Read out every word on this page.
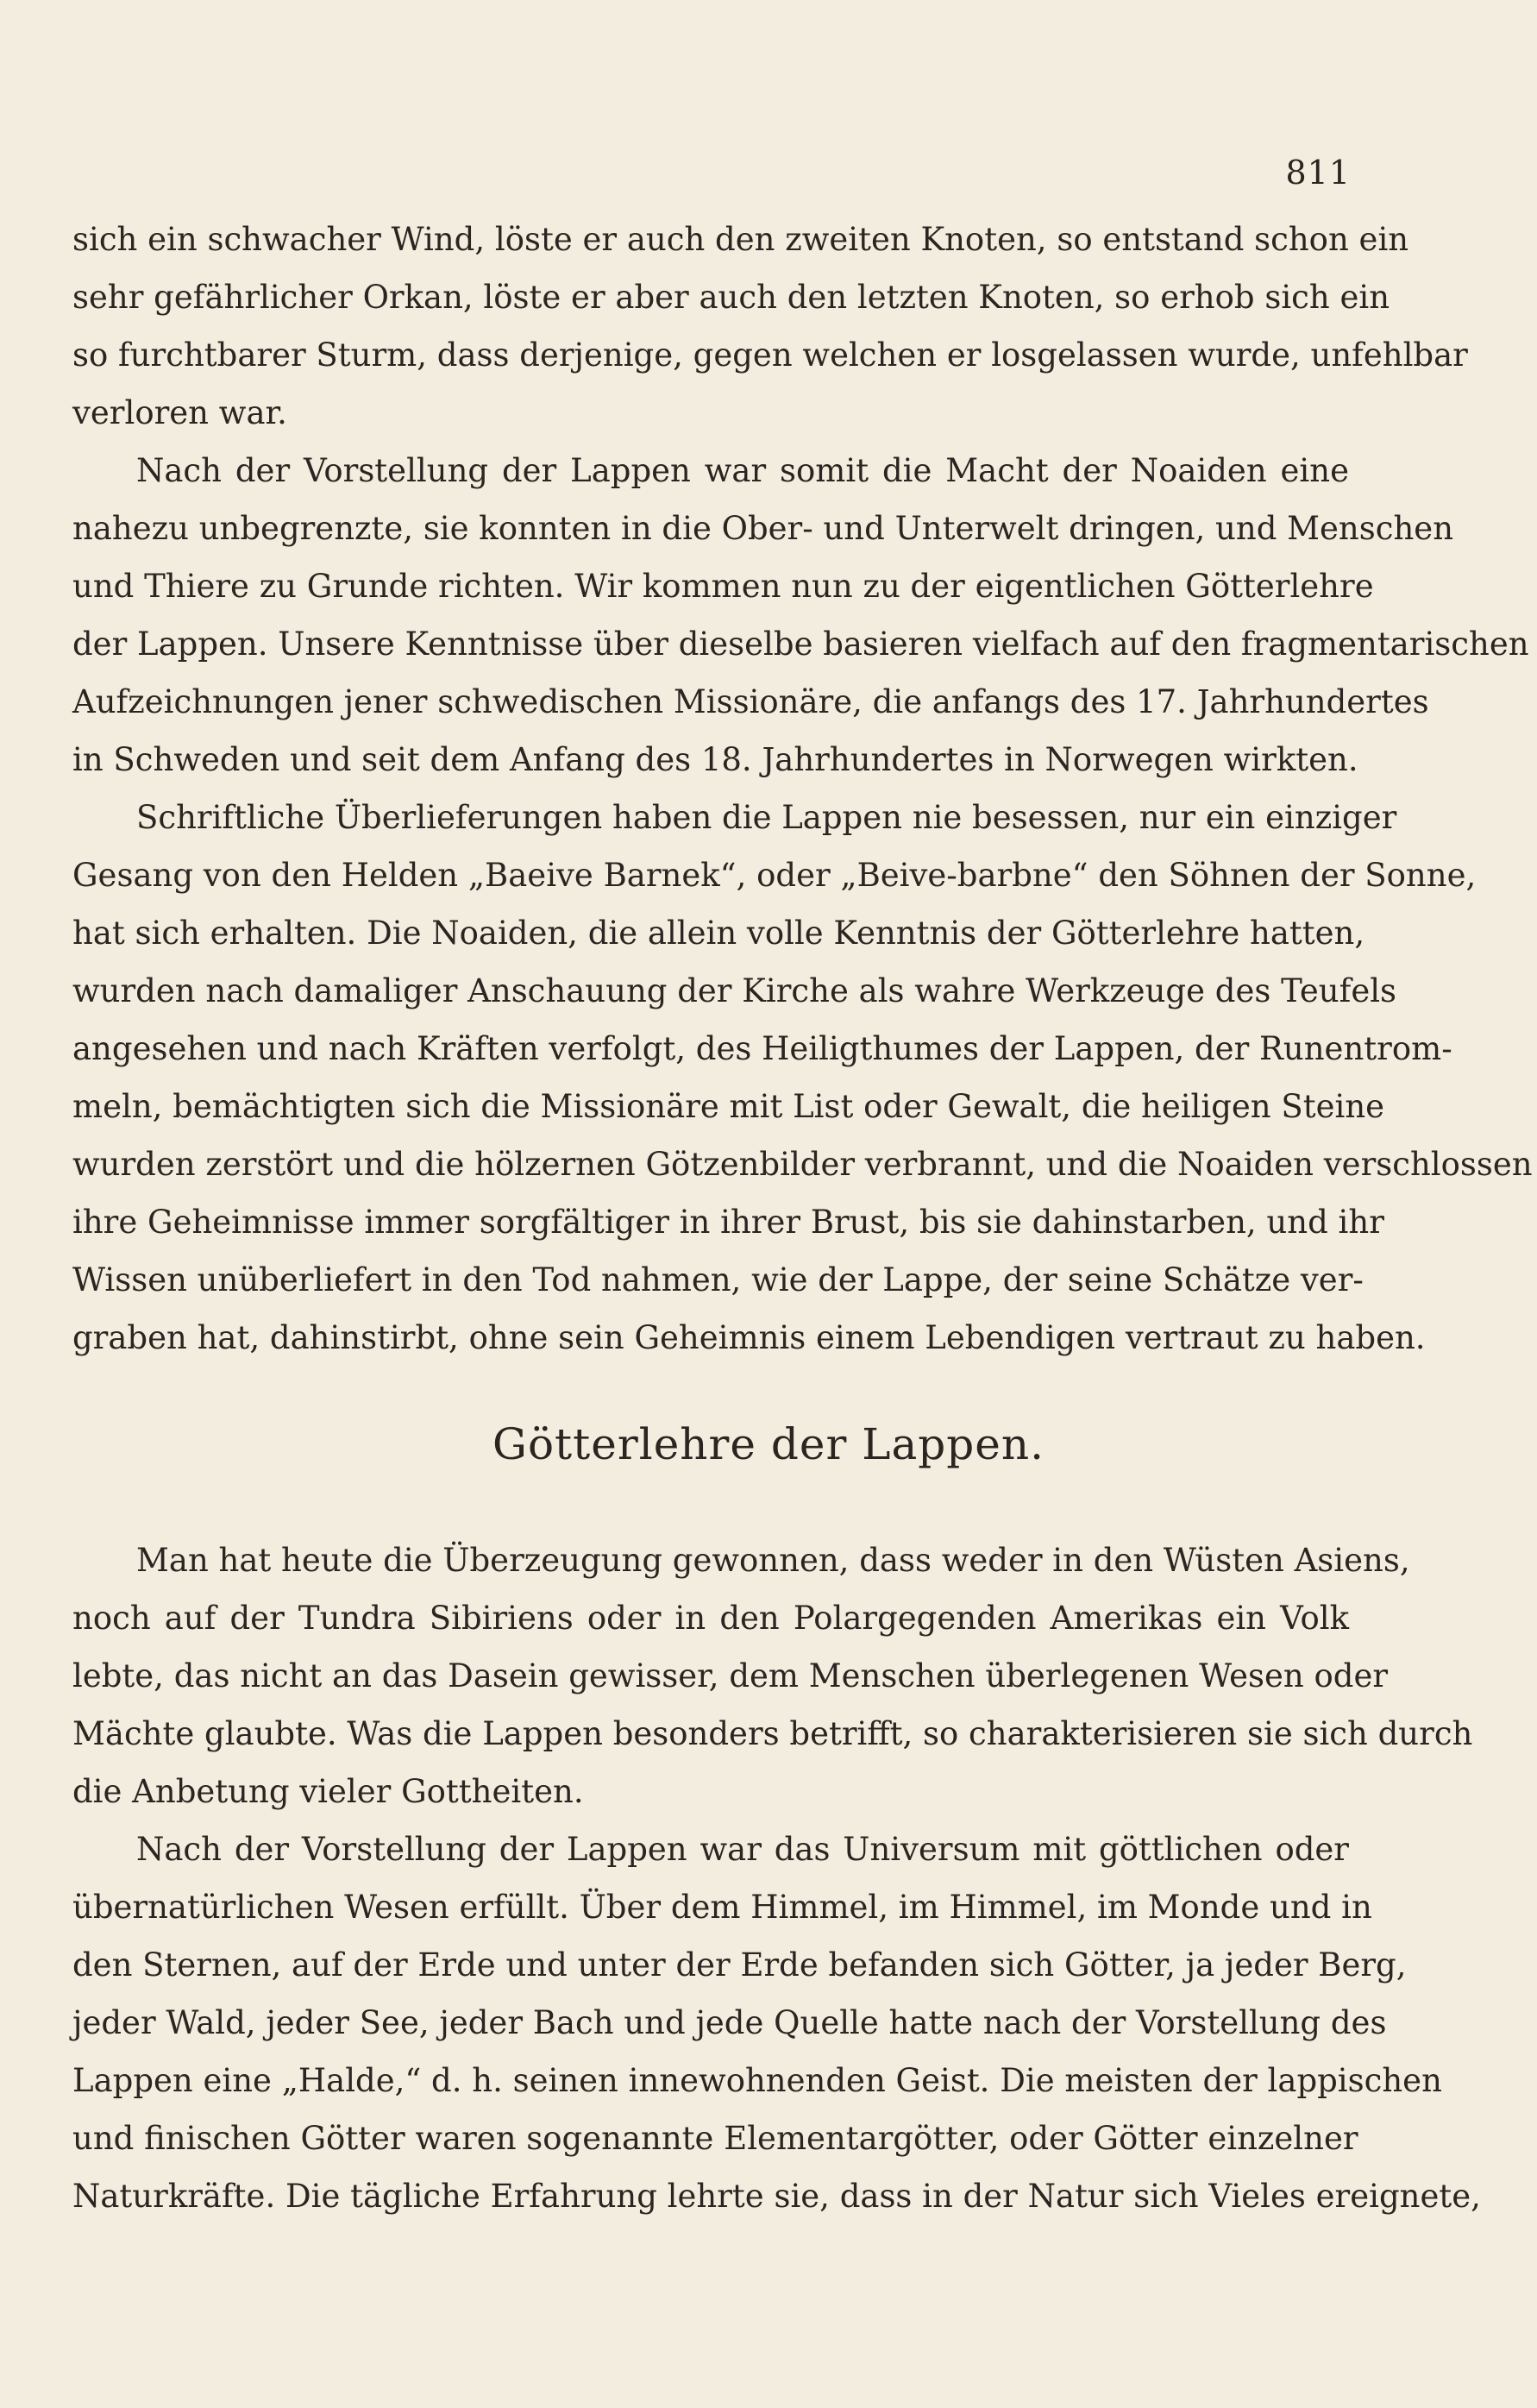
811

sich ein schwacher Wind, löste er auch den zweiten Knoten, so entstand schon ein
sehr gefährlicher Orkan, löste er aber auch den letzten Knoten, so erhob sich ein
so furchtbarer Sturm, dass derjenige, gegen welchen er losgelassen wurde, unfehlbar
verloren war.

Nach der Vorstellung der Lappen war somit die Macht der Noaiden eine
nahezu unbegrenzte, sie konnten in die Ober- und Unterwelt dringen, und Menschen
und Thiere zu Grunde richten. Wir kommen nun zu der eigentlichen Götterlehre
der Lappen. Unsere Kenntnisse über dieselbe basieren vielfach auf den fragmentarischen
Aufzeichnungen jener schwedischen Missionäre, die anfangs des 17. Jahrhundertes
in Schweden und seit dem Anfang des 18. Jahrhundertes in Norwegen wirkten.

Schriftliche Überlieferungen haben die Lappen nie besessen, nur ein einziger
Gesang von den Helden „Baeive Barnek“, oder „Beive-barbne“ den Söhnen der Sonne,
hat sich erhalten. Die Noaiden, die allein volle Kenntnis der Götterlehre hatten,
wurden nach damaliger Anschauung der Kirche als wahre Werkzeuge des Teufels
angesehen und nach Kräften verfolgt, des Heiligthumes der Lappen, der Runentrom-
meln, bemächtigten sich die Missionäre mit List oder Gewalt, die heiligen Steine
wurden zerstört und die hölzernen Götzenbilder verbrannt, und die Noaiden verschlossen
ihre Geheimnisse immer sorgfältiger in ihrer Brust, bis sie dahinstarben, und ihr
Wissen unüberliefert in den Tod nahmen, wie der Lappe, der seine Schätze ver-
graben hat, dahinstirbt, ohne sein Geheimnis einem Lebendigen vertraut zu haben.

Götterlehre der Lappen.

Man hat heute die Überzeugung gewonnen, dass weder in den Wüsten Asiens,
noch auf der Tundra Sibiriens oder in den Polargegenden Amerikas ein Volk
lebte, das nicht an das Dasein gewisser, dem Menschen überlegenen Wesen oder
Mächte glaubte. Was die Lappen besonders betrifft, so charakterisieren sie sich durch
die Anbetung vieler Gottheiten.

Nach der Vorstellung der Lappen war das Universum mit göttlichen oder
übernatürlichen Wesen erfüllt. Über dem Himmel, im Himmel, im Monde und in
den Sternen, auf der Erde und unter der Erde befanden sich Götter, ja jeder Berg,
jeder Wald, jeder See, jeder Bach und jede Quelle hatte nach der Vorstellung des
Lappen eine „Halde,“ d. h. seinen innewohnenden Geist. Die meisten der lappischen
und finischen Götter waren sogenannte Elementargötter, oder Götter einzelner
Naturkräfte. Die tägliche Erfahrung lehrte sie, dass in der Natur sich Vieles ereignete,
